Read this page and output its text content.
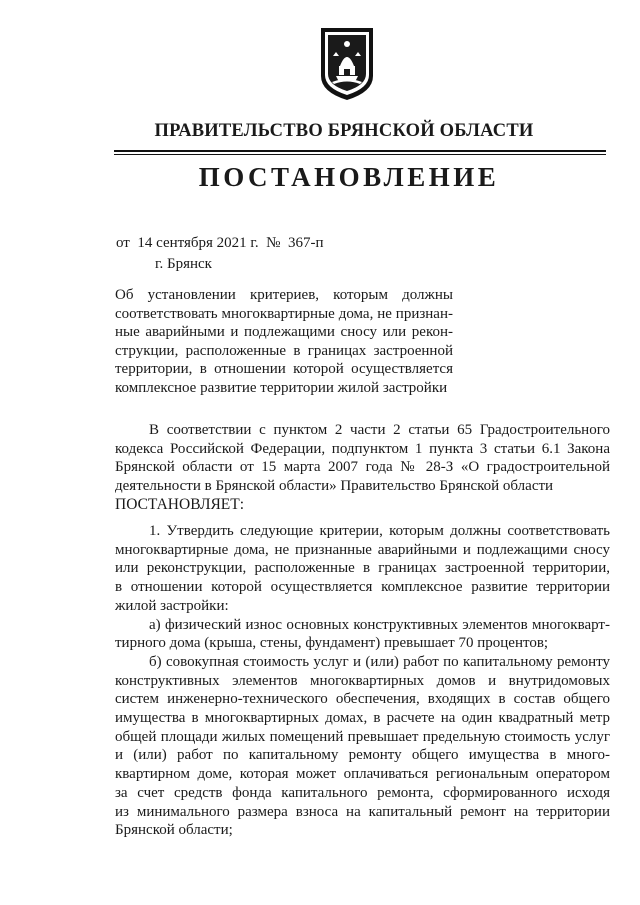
ПРАВИТЕЛЬСТВО БРЯНСКОЙ ОБЛАСТИ
ПОСТАНОВЛЕНИЕ
от  14 сентября 2021 г.  №  367-п
г. Брянск
Об установлении критериев, которым должны
соответствовать многоквартирные дома, не признан-
ные аварийными и подлежащими сносу или рекон-
струкции, расположенные в границах застроенной
территории, в отношении которой осуществляется
комплексное развитие территории жилой застройки
В соответствии с пунктом 2 части 2 статьи 65 Градостроительного
кодекса Российской Федерации, подпунктом 1 пункта 3 статьи 6.1 Закона
Брянской области от 15 марта 2007 года № 28-З «О градостроительной
деятельности в Брянской области» Правительство Брянской области
ПОСТАНОВЛЯЕТ:
1. Утвердить следующие критерии, которым должны соответствовать
многоквартирные дома, не признанные аварийными и подлежащими сносу
или реконструкции, расположенные в границах застроенной территории,
в отношении которой осуществляется комплексное развитие территории
жилой застройки:
а) физический износ основных конструктивных элементов многокварт-
тирного дома (крыша, стены, фундамент) превышает 70 процентов;
б) совокупная стоимость услуг и (или) работ по капитальному ремонту
конструктивных элементов многоквартирных домов и внутридомовых
систем инженерно-технического обеспечения, входящих в состав общего
имущества в многоквартирных домах, в расчете на один квадратный метр
общей площади жилых помещений превышает предельную стоимость услуг
и (или) работ по капитальному ремонту общего имущества в много-
квартирном доме, которая может оплачиваться региональным оператором
за счет средств фонда капитального ремонта, сформированного исходя
из минимального размера взноса на капитальный ремонт на территории
Брянской области;
